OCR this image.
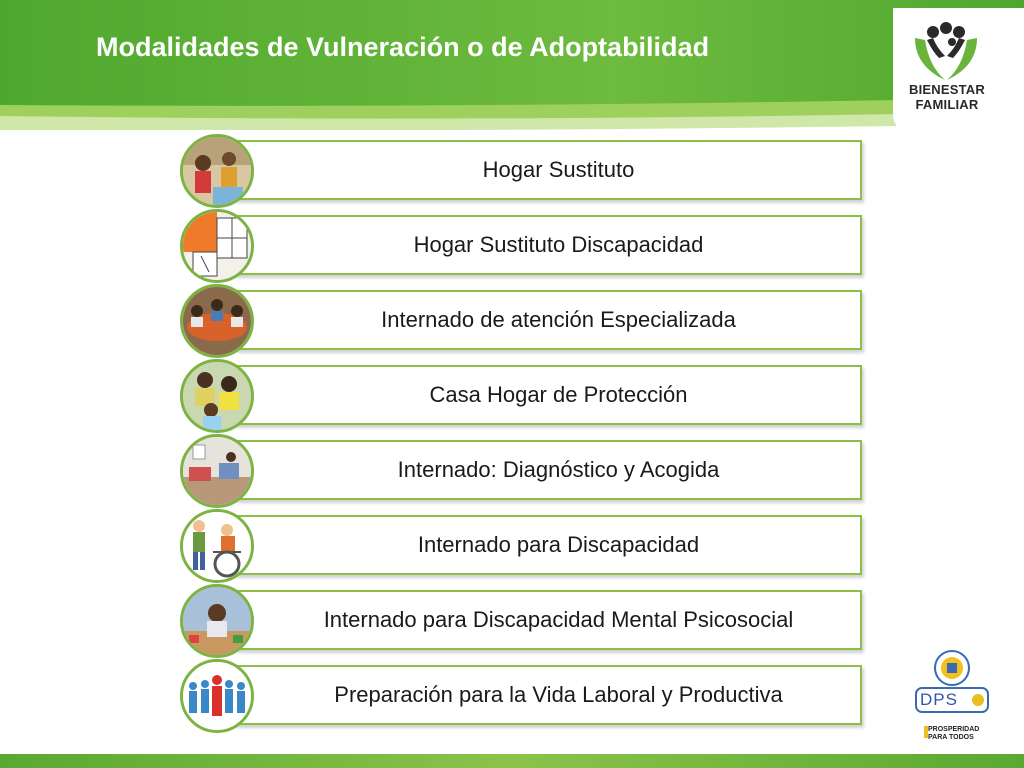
Modalidades de Vulneración o de Adoptabilidad
BIENESTAR
FAMILIAR
Hogar Sustituto
Hogar Sustituto Discapacidad
Internado de atención Especializada
Casa Hogar de Protección
Internado: Diagnóstico y Acogida
Internado para Discapacidad
Internado para Discapacidad Mental Psicosocial
Preparación para la Vida Laboral y Productiva	DPS
PROSPERIDAD
PARA TODOS
